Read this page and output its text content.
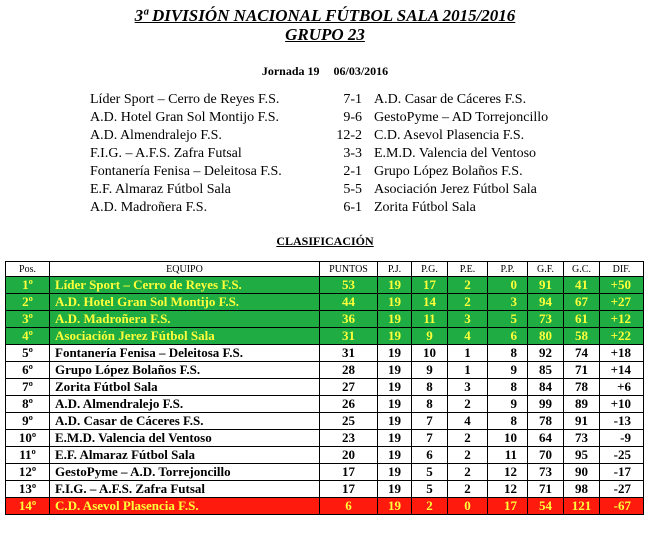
3ª DIVISIÓN NACIONAL FÚTBOL SALA 2015/2016
GRUPO 23
Jornada 19 06/03/2016
Líder Sport – Cerro de Reyes F.S.	7-1	A.D. Casar de Cáceres F.S.
A.D. Hotel Gran Sol Montijo F.S.	9-6	GestoPyme – AD Torrejoncillo
A.D. Almendralejo F.S.	12-2	C.D. Asevol Plasencia F.S.
F.I.G. – A.F.S. Zafra Futsal	3-3	E.M.D. Valencia del Ventoso
Fontanería Fenisa – Deleitosa F.S.	2-1	Grupo López Bolaños F.S.
E.F. Almaraz Fútbol Sala	5-5	Asociación Jerez Fútbol Sala
A.D. Madroñera F.S.	6-1	Zorita Fútbol Sala
CLASIFICACIÓN
Pos.	EQUIPO	PUNTOS	P.J.	P.G.	P.E.	P.P.	G.F.	G.C.	DIF.
1º	Líder Sport – Cerro de Reyes F.S.	53	19	17	2	0	91	41	+50
2º	A.D. Hotel Gran Sol Montijo F.S.	44	19	14	2	3	94	67	+27
3º	A.D. Madroñera F.S.	36	19	11	3	5	73	61	+12
4º	Asociación Jerez Fútbol Sala	31	19	9	4	6	80	58	+22
5º	Fontanería Fenisa – Deleitosa F.S.	31	19	10	1	8	92	74	+18
6º	Grupo López Bolaños F.S.	28	19	9	1	9	85	71	+14
7º	Zorita Fútbol Sala	27	19	8	3	8	84	78	+6
8º	A.D. Almendralejo F.S.	26	19	8	2	9	99	89	+10
9º	A.D. Casar de Cáceres F.S.	25	19	7	4	8	78	91	-13
10º	E.M.D. Valencia del Ventoso	23	19	7	2	10	64	73	-9
11º	E.F. Almaraz Fútbol Sala	20	19	6	2	11	70	95	-25
12º	GestoPyme – A.D. Torrejoncillo	17	19	5	2	12	73	90	-17
13º	F.I.G. – A.F.S. Zafra Futsal	17	19	5	2	12	71	98	-27
14º	C.D. Asevol Plasencia F.S.	6	19	2	0	17	54	121	-67
